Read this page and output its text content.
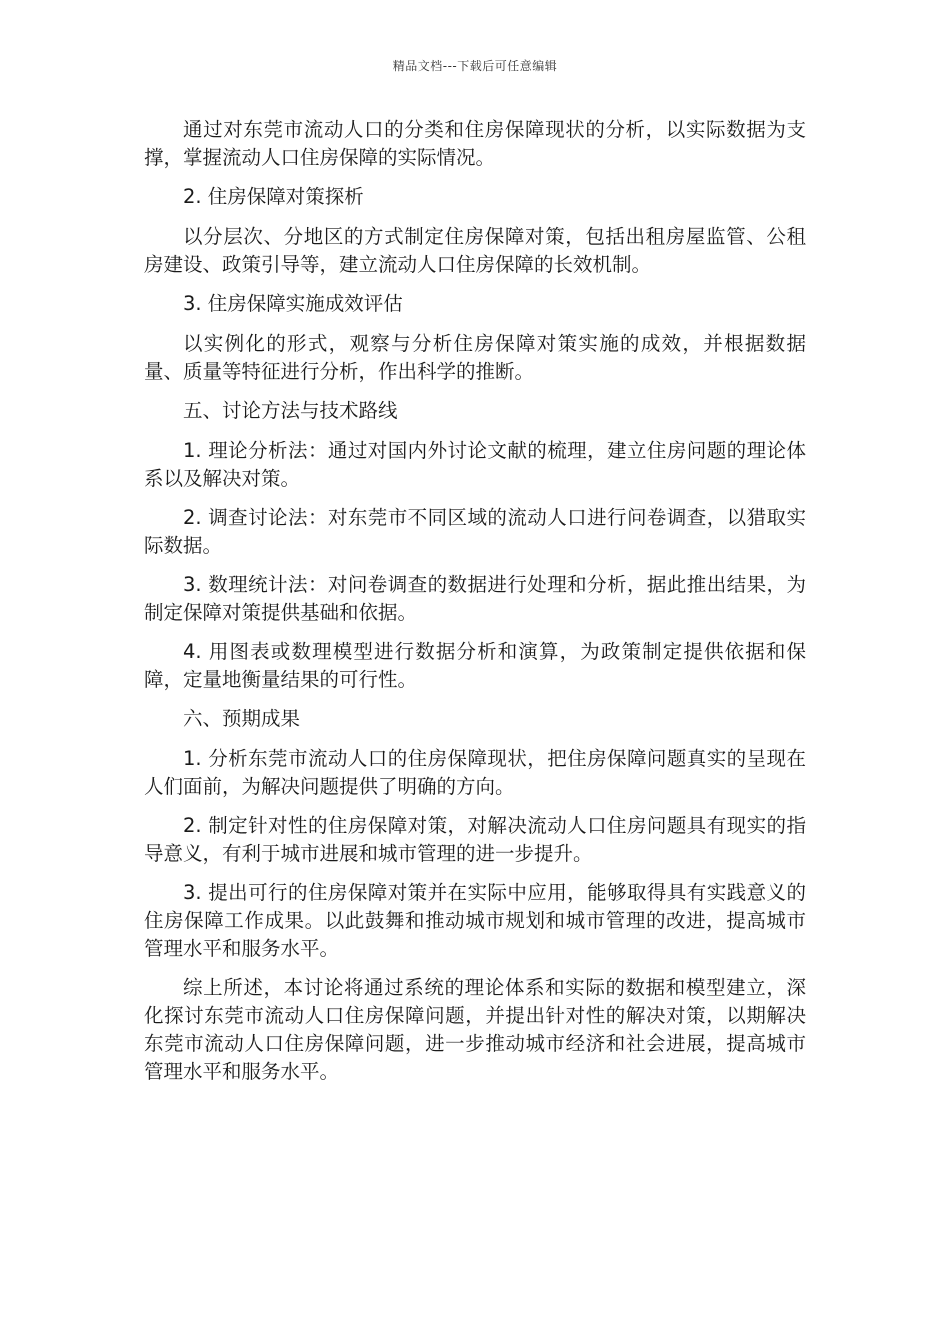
精品文档---下载后可任意编辑

通过对东莞市流动人口的分类和住房保障现状的分析，以实际数据为支撑，掌握流动人口住房保障的实际情况。

2. 住房保障对策探析

以分层次、分地区的方式制定住房保障对策，包括出租房屋监管、公租房建设、政策引导等，建立流动人口住房保障的长效机制。

3. 住房保障实施成效评估

以实例化的形式，观察与分析住房保障对策实施的成效，并根据数据量、质量等特征进行分析，作出科学的推断。

五、讨论方法与技术路线

1. 理论分析法：通过对国内外讨论文献的梳理，建立住房问题的理论体系以及解决对策。

2. 调查讨论法：对东莞市不同区域的流动人口进行问卷调查，以猎取实际数据。

3. 数理统计法：对问卷调查的数据进行处理和分析，据此推出结果，为制定保障对策提供基础和依据。

4. 用图表或数理模型进行数据分析和演算，为政策制定提供依据和保障，定量地衡量结果的可行性。

六、预期成果

1. 分析东莞市流动人口的住房保障现状，把住房保障问题真实的呈现在人们面前，为解决问题提供了明确的方向。

2. 制定针对性的住房保障对策，对解决流动人口住房问题具有现实的指导意义，有利于城市进展和城市管理的进一步提升。

3. 提出可行的住房保障对策并在实际中应用，能够取得具有实践意义的住房保障工作成果。以此鼓舞和推动城市规划和城市管理的改进，提高城市管理水平和服务水平。

综上所述，本讨论将通过系统的理论体系和实际的数据和模型建立，深化探讨东莞市流动人口住房保障问题，并提出针对性的解决对策，以期解决东莞市流动人口住房保障问题，进一步推动城市经济和社会进展，提高城市管理水平和服务水平。
